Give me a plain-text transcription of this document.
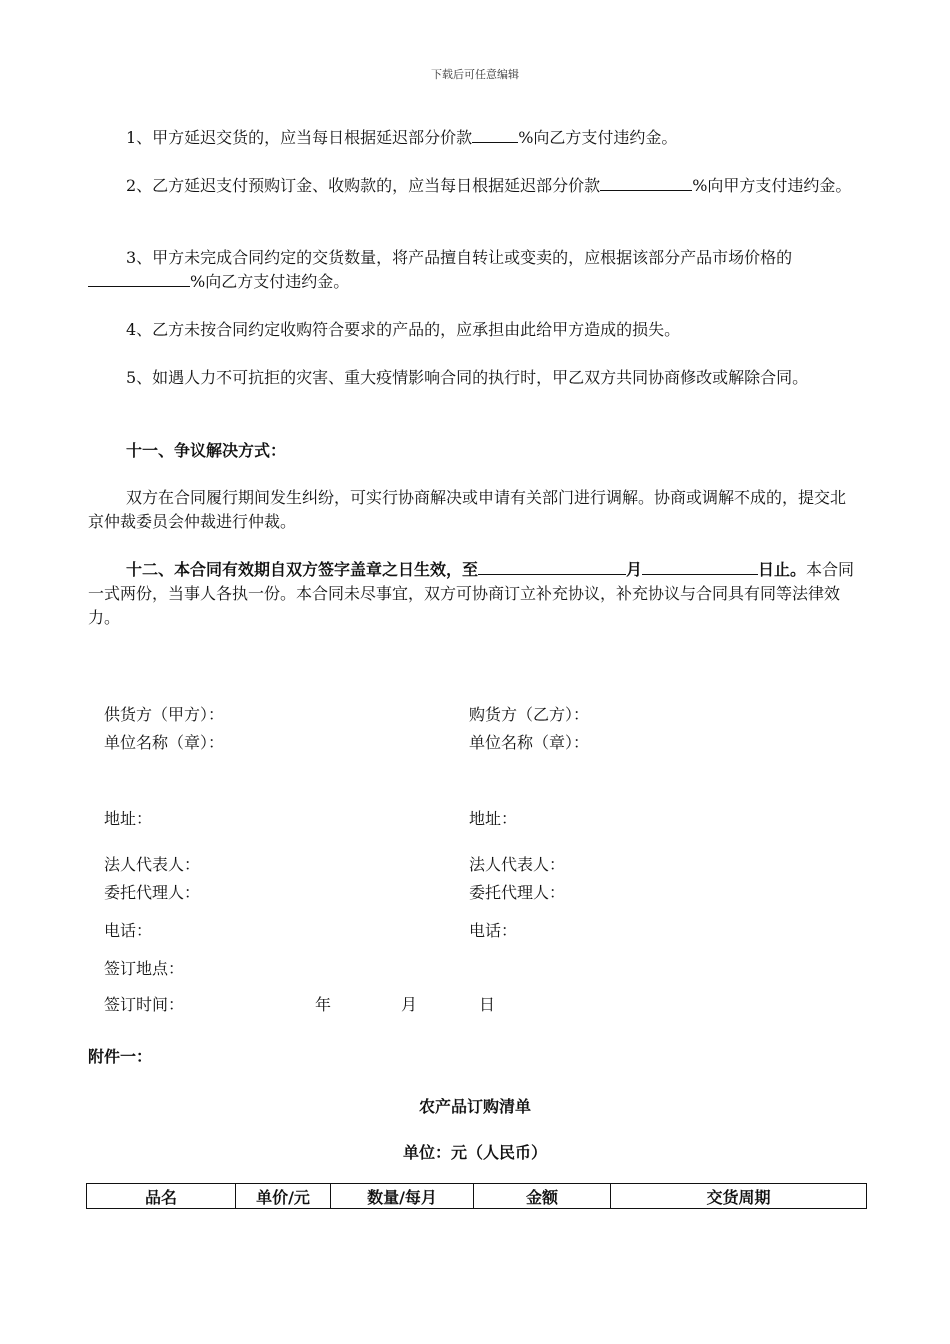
下载后可任意编辑

1、甲方延迟交货的，应当每日根据延迟部分价款	%向乙方支付违约金。

2、乙方延迟支付预购订金、收购款的，应当每日根据延迟部分价款	%向甲方支付违约金。

3、甲方未完成合同约定的交货数量，将产品擅自转让或变卖的，应根据该部分产品市场价格的%向乙方支付违约金。

4、乙方未按合同约定收购符合要求的产品的，应承担由此给甲方造成的损失。

5、如遇人力不可抗拒的灾害、重大疫情影响合同的执行时，甲乙双方共同协商修改或解除合同。

十一、争议解决方式：

双方在合同履行期间发生纠纷，可实行协商解决或申请有关部门进行调解。协商或调解不成的，提交北京仲裁委员会仲裁进行仲裁。

十二、本合同有效期自双方签字盖章之日生效，至	月	日止。本合同一式两份，当事人各执一份。本合同未尽事宜，双方可协商订立补充协议，补充协议与合同具有同等法律效力。

供货方（甲方）：	购货方（乙方）：
单位名称（章）：	单位名称（章）：
地址：	地址：
法人代表人：	法人代表人：
委托代理人：	委托代理人：
电话：	电话：
签订地点：
签订时间：	年	月	日
附件一：
农产品订购清单
单位：元（人民币）
品名	单价/元	数量/每月	金额	交货周期
